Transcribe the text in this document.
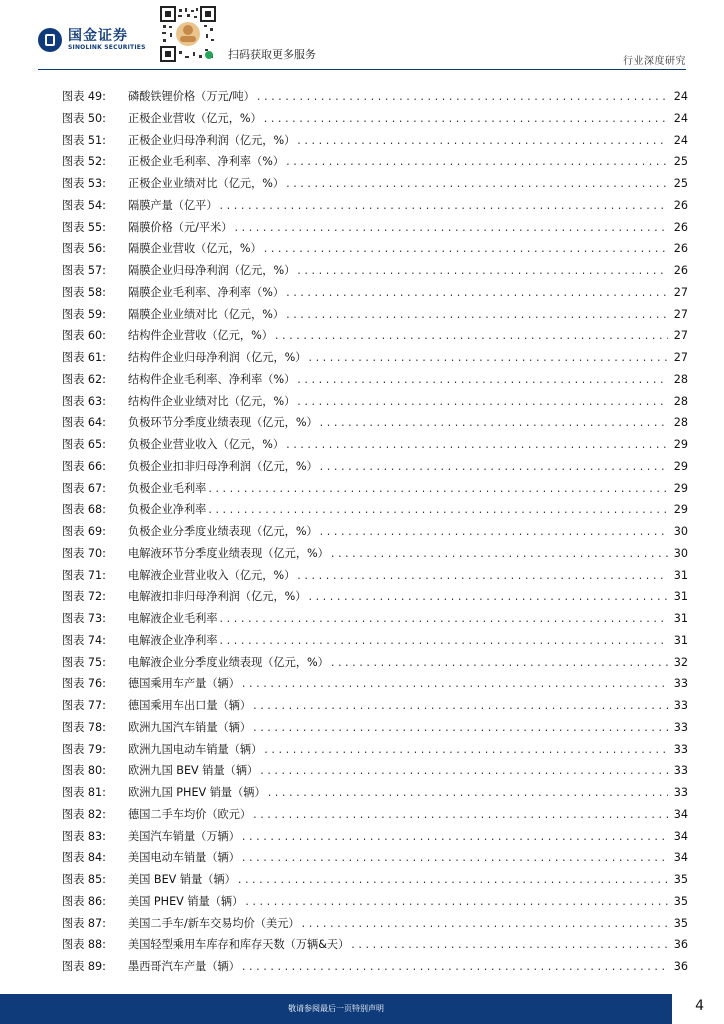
国金证券
SINOLINK SECURITIES
扫码获取更多服务
行业深度研究
图表 49:	磷酸铁锂价格（万元/吨） . . .	24
图表 50:	正极企业营收（亿元，%） . . .	24
图表 51:	正极企业归母净利润（亿元，%） . . .	24
图表 52:	正极企业毛利率、净利率（%） . . .	25
图表 53:	正极企业业绩对比（亿元，%） . . .	25
图表 54:	隔膜产量（亿平） . . .	26
图表 55:	隔膜价格（元/平米） . . .	26
图表 56:	隔膜企业营收（亿元，%） . . .	26
图表 57:	隔膜企业归母净利润（亿元，%） . . .	26
图表 58:	隔膜企业毛利率、净利率（%） . . .	27
图表 59:	隔膜企业业绩对比（亿元，%） . . .	27
图表 60:	结构件企业营收（亿元，%） . . .	27
图表 61:	结构件企业归母净利润（亿元，%） . . .	27
图表 62:	结构件企业毛利率、净利率（%） . . .	28
图表 63:	结构件企业业绩对比（亿元，%） . . .	28
图表 64:	负极环节分季度业绩表现（亿元，%） . . .	28
图表 65:	负极企业营业收入（亿元，%） . . .	29
图表 66:	负极企业扣非归母净利润（亿元，%） . . .	29
图表 67:	负极企业毛利率 . . .	29
图表 68:	负极企业净利率 . . .	29
图表 69:	负极企业分季度业绩表现（亿元，%） . . .	30
图表 70:	电解液环节分季度业绩表现（亿元，%） . . .	30
图表 71:	电解液企业营业收入（亿元，%） . . .	31
图表 72:	电解液扣非归母净利润（亿元，%） . . .	31
图表 73:	电解液企业毛利率 . . .	31
图表 74:	电解液企业净利率 . . .	31
图表 75:	电解液企业分季度业绩表现（亿元，%） . . .	32
图表 76:	德国乘用车产量（辆） . . .	33
图表 77:	德国乘用车出口量（辆） . . .	33
图表 78:	欧洲九国汽车销量（辆） . . .	33
图表 79:	欧洲九国电动车销量（辆） . . .	33
图表 80:	欧洲九国 BEV 销量（辆） . . .	33
图表 81:	欧洲九国 PHEV 销量（辆） . . .	33
图表 82:	德国二手车均价（欧元） . . .	34
图表 83:	美国汽车销量（万辆） . . .	34
图表 84:	美国电动车销量（辆） . . .	34
图表 85:	美国 BEV 销量（辆） . . .	35
图表 86:	美国 PHEV 销量（辆） . . .	35
图表 87:	美国二手车/新车交易均价（美元） . . .	35
图表 88:	美国轻型乘用车库存和库存天数（万辆&天） . . .	36
图表 89:	墨西哥汽车产量（辆） . . .	36
敬请参阅最后一页特别声明	4
